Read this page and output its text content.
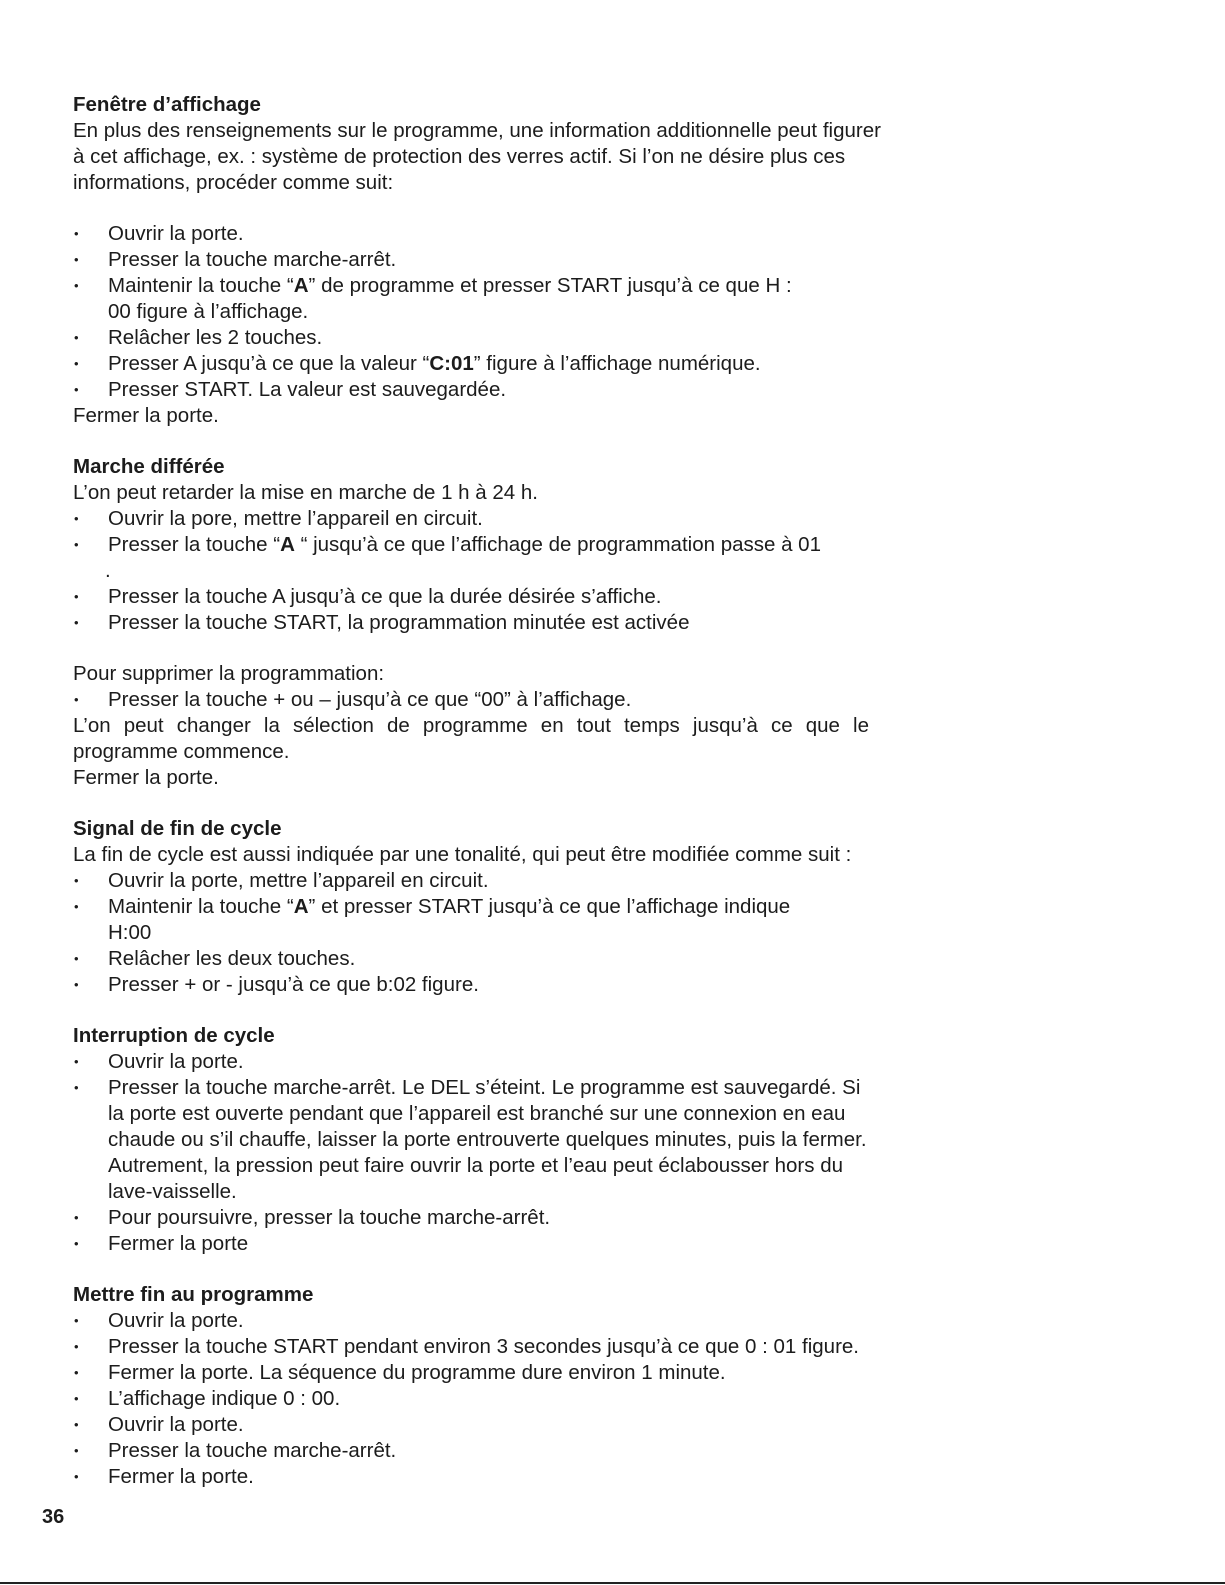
Fenêtre d’affichage

En plus des renseignements sur le programme, une information additionnelle peut figurer à cet affichage, ex. : système de protection des verres actif. Si l’on ne désire plus ces informations, procéder comme suit:

• Ouvrir la porte.
• Presser la touche marche-arrêt.
• Maintenir la touche “A” de programme et presser START jusqu’à ce que H : 00 figure à l’affichage.
• Relâcher les 2 touches.
• Presser A jusqu’à ce que la valeur “C:01” figure à l’affichage numérique.
• Presser START. La valeur est sauvegardée.

Fermer la porte.

Marche différée

L’on peut retarder la mise en marche de 1 h à 24 h.

• Ouvrir la pore, mettre l’appareil en circuit.
• Presser la touche “A “ jusqu’à ce que l’affichage de programmation passe à 01

.

• Presser la touche A jusqu’à ce que la durée désirée s’affiche.
• Presser la touche START, la programmation minutée est activée

Pour supprimer la programmation:

• Presser la touche + ou – jusqu’à ce que “00” à l’affichage.

L’on peut changer la sélection de programme en tout temps jusqu’à ce que le programme commence.

Fermer la porte.

Signal de fin de cycle

La fin de cycle est aussi indiquée par une tonalité, qui peut être modifiée comme suit :

• Ouvrir la porte, mettre l’appareil en circuit.
• Maintenir la touche “A” et presser START jusqu’à ce que l’affichage indique H:00
• Relâcher les deux touches.
• Presser + or - jusqu’à ce que b:02 figure.

Interruption de cycle

• Ouvrir la porte.
• Presser la touche marche-arrêt. Le DEL s’éteint. Le programme est sauvegardé. Si la porte est ouverte pendant que l’appareil est branché sur une connexion en eau chaude ou s’il chauffe, laisser la porte entrouverte quelques minutes, puis la fermer. Autrement, la pression peut faire ouvrir la porte et l’eau peut éclabousser hors du lave-vaisselle.
• Pour poursuivre, presser la touche marche-arrêt.
• Fermer la porte

Mettre fin au programme

• Ouvrir la porte.
• Presser la touche START pendant environ 3 secondes jusqu’à ce que 0 : 01 figure.
• Fermer la porte. La séquence du programme dure environ 1 minute.
• L’affichage indique 0 : 00.
• Ouvrir la porte.
• Presser la touche marche-arrêt.
• Fermer la porte.
36
